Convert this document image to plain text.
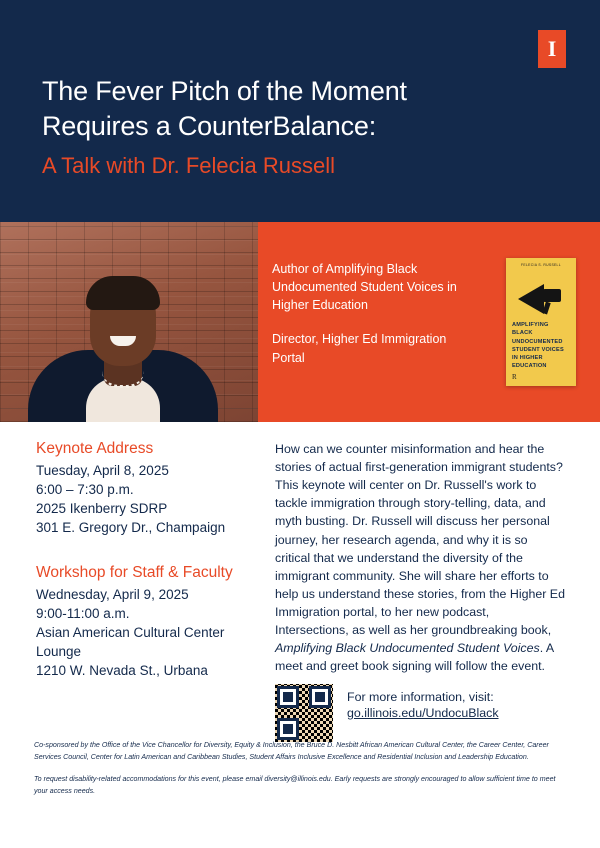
I
The Fever Pitch of the Moment
Requires a CounterBalance:

A Talk with Dr. Felecia Russell

Author of Amplifying Black Undocumented Student Voices in Higher Education

Director, Higher Ed Immigration Portal

FELECIA S. RUSSELL
AMPLIFYING BLACK UNDOCUMENTED STUDENT VOICES IN HIGHER EDUCATION
R
Keynote Address

Tuesday, April 8, 2025

6:00 – 7:30 p.m.

2025 Ikenberry SDRP

301 E. Gregory Dr., Champaign

Workshop for Staff & Faculty

Wednesday, April 9, 2025

9:00-11:00 a.m.

Asian American Cultural Center Lounge

1210 W. Nevada St., Urbana

How can we counter misinformation and hear the stories of actual first-generation immigrant students? This keynote will center on Dr. Russell's work to tackle immigration through story-telling, data, and myth busting. Dr. Russell will discuss her personal journey, her research agenda, and why it is so critical that we understand the diversity of the immigrant community. She will share her efforts to help us understand these stories, from the Higher Ed Immigration portal, to her new podcast, Intersections, as well as her groundbreaking book, Amplifying Black Undocumented Student Voices. A meet and greet book signing will follow the event.

For more information, visit:

go.illinois.edu/UndocuBlack

Co-sponsored by the Office of the Vice Chancellor for Diversity, Equity & Inclusion, the Bruce D. Nesbitt African American Cultural Center, the Career Center, Career Services Council, Center for Latin American and Caribbean Studies, Student Affairs Inclusive Excellence and Residential Inclusion and Leadership Education.

To request disability-related accommodations for this event, please email diversity@illinois.edu. Early requests are strongly encouraged to allow sufficient time to meet your access needs.
